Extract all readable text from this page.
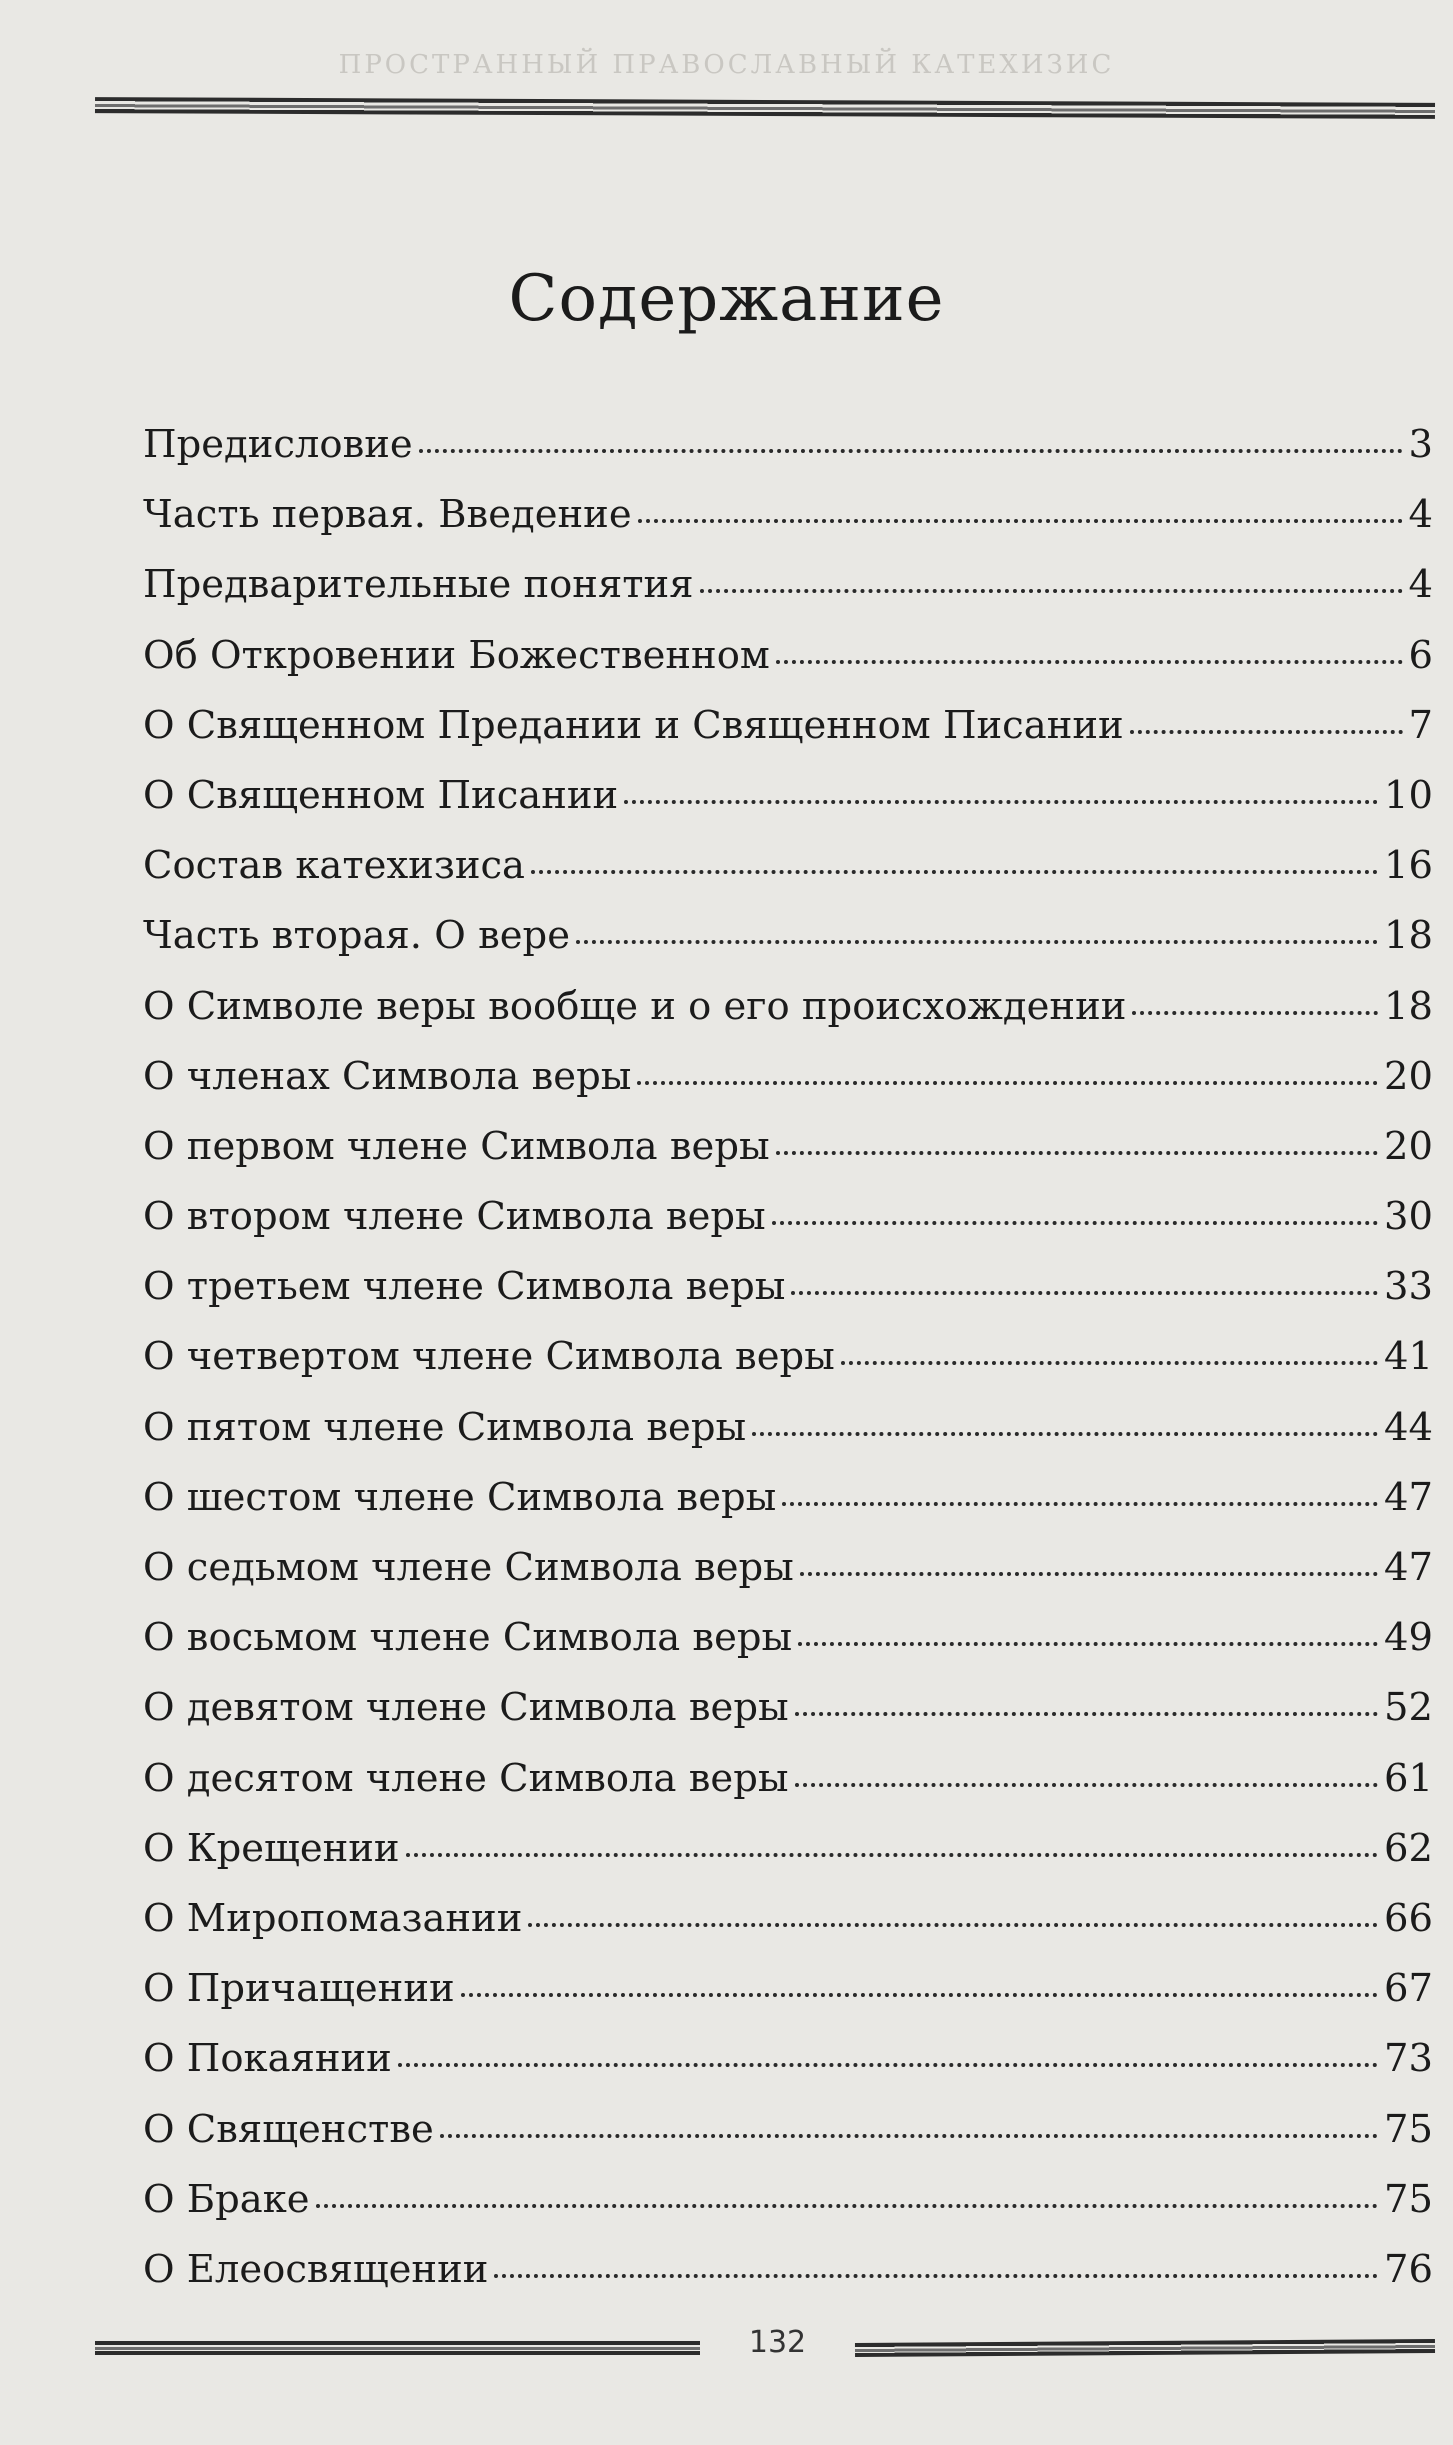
ПРОСТРАННЫЙ ПРАВОСЛАВНЫЙ КАТЕХИЗИС
Содержание
Предисловие	3
Часть первая. Введение	4
Предварительные понятия	4
Об Откровении Божественном	6
О Священном Предании и Священном Писании	7
О Священном Писании	10
Состав катехизиса	16
Часть вторая. О вере	18
О Символе веры вообще и о его происхождении	18
О членах Символа веры	20
О первом члене Символа веры	20
О втором члене Символа веры	30
О третьем члене Символа веры	33
О четвертом члене Символа веры	41
О пятом члене Символа веры	44
О шестом члене Символа веры	47
О седьмом члене Символа веры	47
О восьмом члене Символа веры	49
О девятом члене Символа веры	52
О десятом члене Символа веры	61
О Крещении	62
О Миропомазании	66
О Причащении	67
О Покаянии	73
О Священстве	75
О Браке	75
О Елеосвящении	76
132
